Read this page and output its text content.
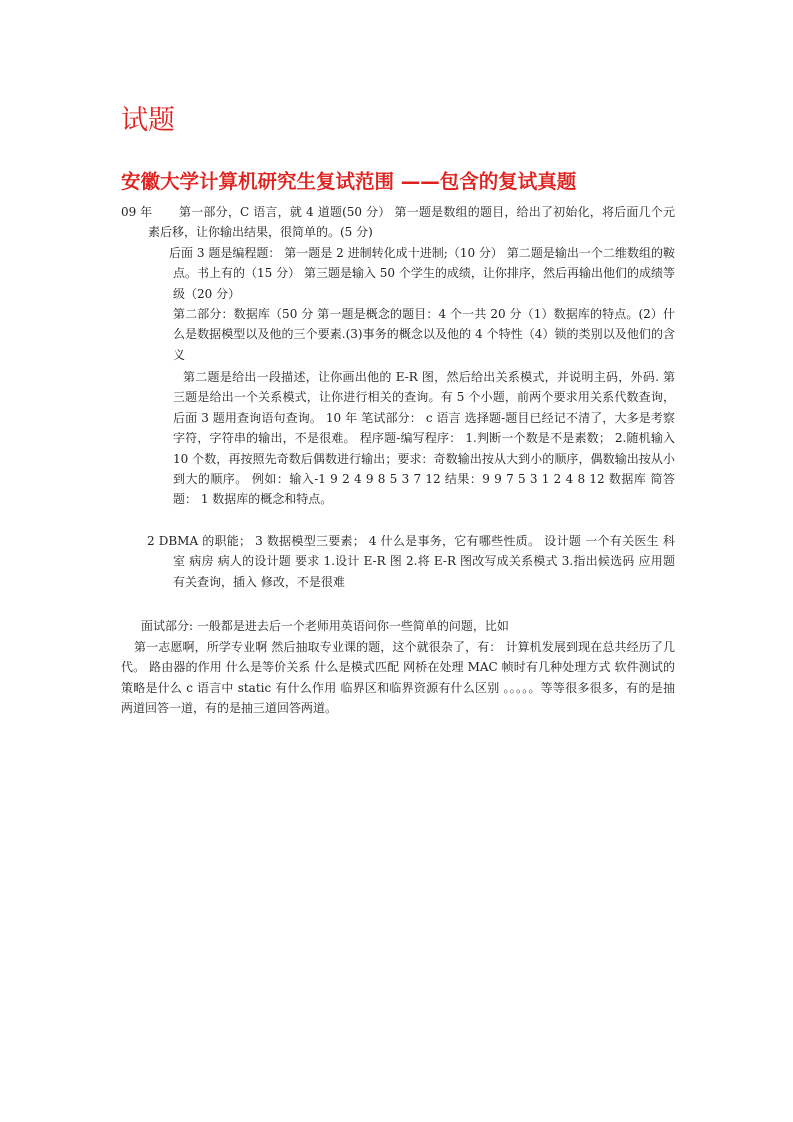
试题
安徽大学计算机研究生复试范围 ——包含的复试真题
09 年	第一部分，C 语言，就 4 道题(50 分） 第一题是数组的题目，给出了初始化，将后面几个元素后移，让你输出结果，很简单的。(5 分)

后面 3 题是编程题： 第一题是 2 进制转化成十进制;（10 分） 第二题是输出一个二维数组的鞍点。书上有的（15 分） 第三题是输入 50 个学生的成绩，让你排序，然后再输出他们的成绩等级（20 分）

第二部分：数据库（50 分 第一题是概念的题目：4 个一共 20 分（1）数据库的特点。(2）什么是数据模型以及他的三个要素.(3)事务的概念以及他的 4 个特性（4）锁的类别以及他们的含义

第二题是给出一段描述，让你画出他的 E-R 图，然后给出关系模式，并说明主码，外码. 第三题是给出一个关系模式，让你进行相关的查询。有 5 个小题，前两个要求用关系代数查询，后面 3 题用查询语句查询。 10 年 笔试部分： c 语言 选择题-题目已经记不清了，大多是考察字符，字符串的输出，不是很难。 程序题-编写程序： 1.判断一个数是不是素数； 2.随机输入 10 个数，再按照先奇数后偶数进行输出；要求：奇数输出按从大到小的顺序，偶数输出按从小到大的顺序。 例如：输入-1 9 2 4 9 8 5 3 7 12 结果：9 9 7 5 3 1 2 4 8 12 数据库 简答题： 1 数据库的概念和特点。

2 DBMA 的职能； 3 数据模型三要素； 4 什么是事务，它有哪些性质。 设计题 一个有关医生 科室 病房 病人的设计题 要求 1.设计 E-R 图 2.将 E-R 图改写成关系模式 3.指出候选码 应用题 有关查询，插入 修改，不是很难

面试部分: 一般都是进去后一个老师用英语问你一些简单的问题，比如

第一志愿啊，所学专业啊 然后抽取专业课的题，这个就很杂了，有： 计算机发展到现在总共经历了几代。 路由器的作用 什么是等价关系 什么是模式匹配 网桥在处理 MAC 帧时有几种处理方式 软件测试的策略是什么 c 语言中 static 有什么作用 临界区和临界资源有什么区别 。。。。。等等很多很多，有的是抽两道回答一道，有的是抽三道回答两道。
